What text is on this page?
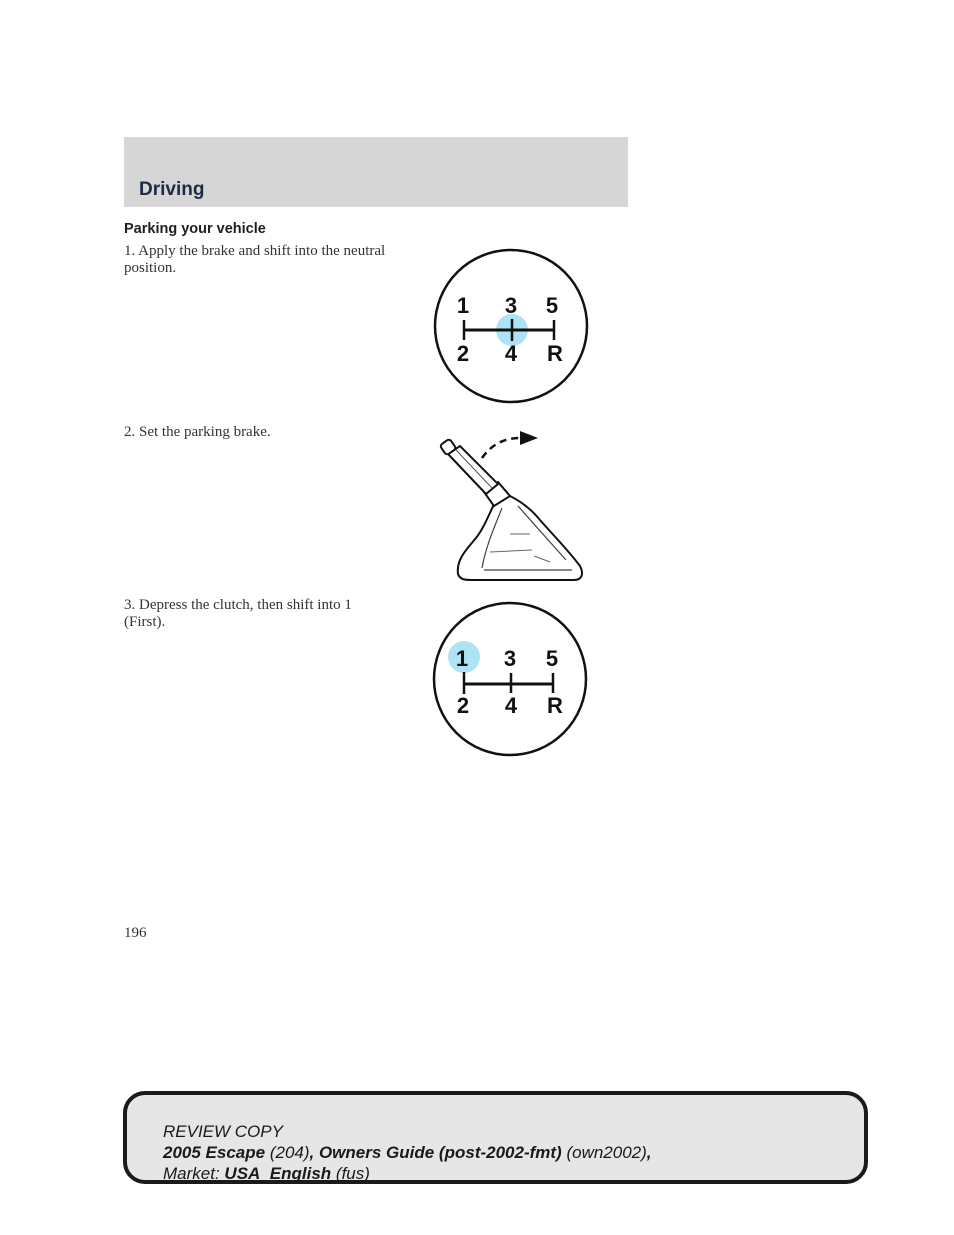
Driving
Parking your vehicle

1. Apply the brake and shift into the neutral position.

2. Set the parking brake.

3. Depress the clutch, then shift into 1 (First).

1 3 5
2 4 R
1 3 5
2 4 R

196

REVIEW COPY
2005 Escape (204), Owners Guide (post-2002-fmt) (own2002),
Market: USA_English (fus)
